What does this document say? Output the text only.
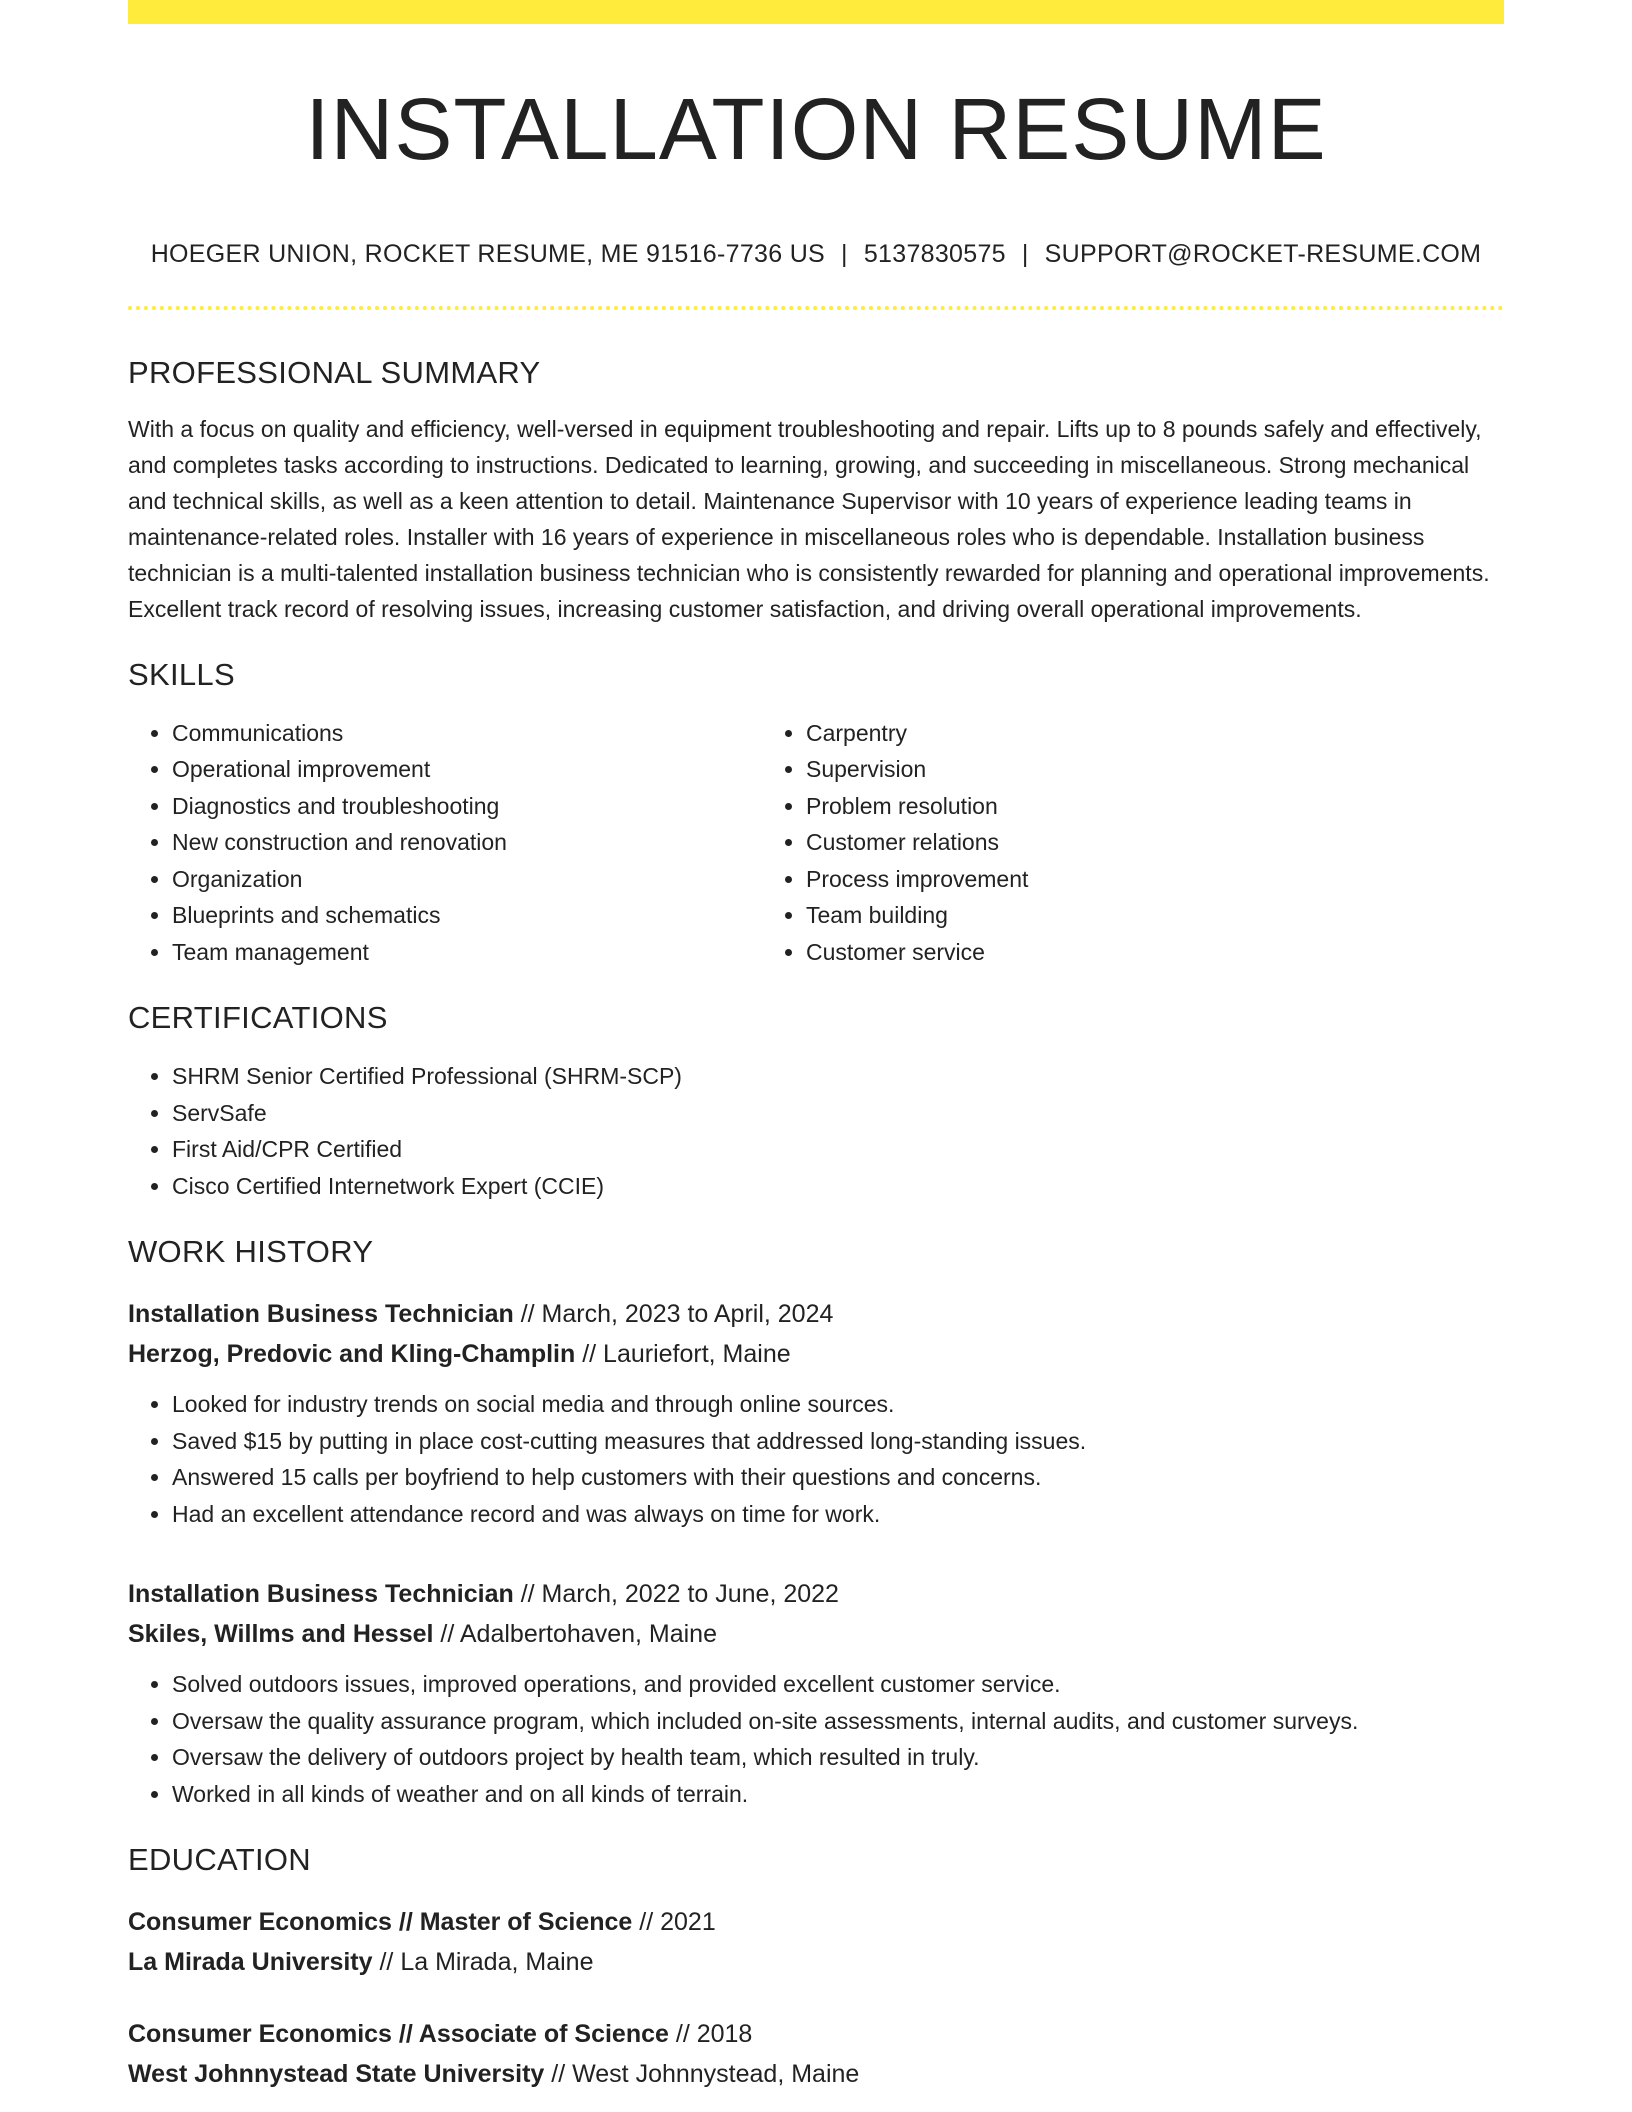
INSTALLATION RESUME
HOEGER UNION, ROCKET RESUME, ME 91516-7736 US | 5137830575 | SUPPORT@ROCKET-RESUME.COM
PROFESSIONAL SUMMARY

With a focus on quality and efficiency, well-versed in equipment troubleshooting and repair. Lifts up to 8 pounds safely and effectively, and completes tasks according to instructions. Dedicated to learning, growing, and succeeding in miscellaneous. Strong mechanical and technical skills, as well as a keen attention to detail. Maintenance Supervisor with 10 years of experience leading teams in maintenance-related roles. Installer with 16 years of experience in miscellaneous roles who is dependable. Installation business technician is a multi-talented installation business technician who is consistently rewarded for planning and operational improvements. Excellent track record of resolving issues, increasing customer satisfaction, and driving overall operational improvements.

SKILLS
• Communications
• Operational improvement
• Diagnostics and troubleshooting
• New construction and renovation
• Organization
• Blueprints and schematics
• Team management
• Carpentry
• Supervision
• Problem resolution
• Customer relations
• Process improvement
• Team building
• Customer service
CERTIFICATIONS
• SHRM Senior Certified Professional (SHRM-SCP)
• ServSafe
• First Aid/CPR Certified
• Cisco Certified Internetwork Expert (CCIE)
WORK HISTORY
Installation Business Technician // March, 2023 to April, 2024
Herzog, Predovic and Kling-Champlin // Lauriefort, Maine
• Looked for industry trends on social media and through online sources.
• Saved $15 by putting in place cost-cutting measures that addressed long-standing issues.
• Answered 15 calls per boyfriend to help customers with their questions and concerns.
• Had an excellent attendance record and was always on time for work.
Installation Business Technician // March, 2022 to June, 2022
Skiles, Willms and Hessel // Adalbertohaven, Maine
• Solved outdoors issues, improved operations, and provided excellent customer service.
• Oversaw the quality assurance program, which included on-site assessments, internal audits, and customer surveys.
• Oversaw the delivery of outdoors project by health team, which resulted in truly.
• Worked in all kinds of weather and on all kinds of terrain.
EDUCATION
Consumer Economics // Master of Science // 2021
La Mirada University // La Mirada, Maine
Consumer Economics // Associate of Science // 2018
West Johnnystead State University // West Johnnystead, Maine
